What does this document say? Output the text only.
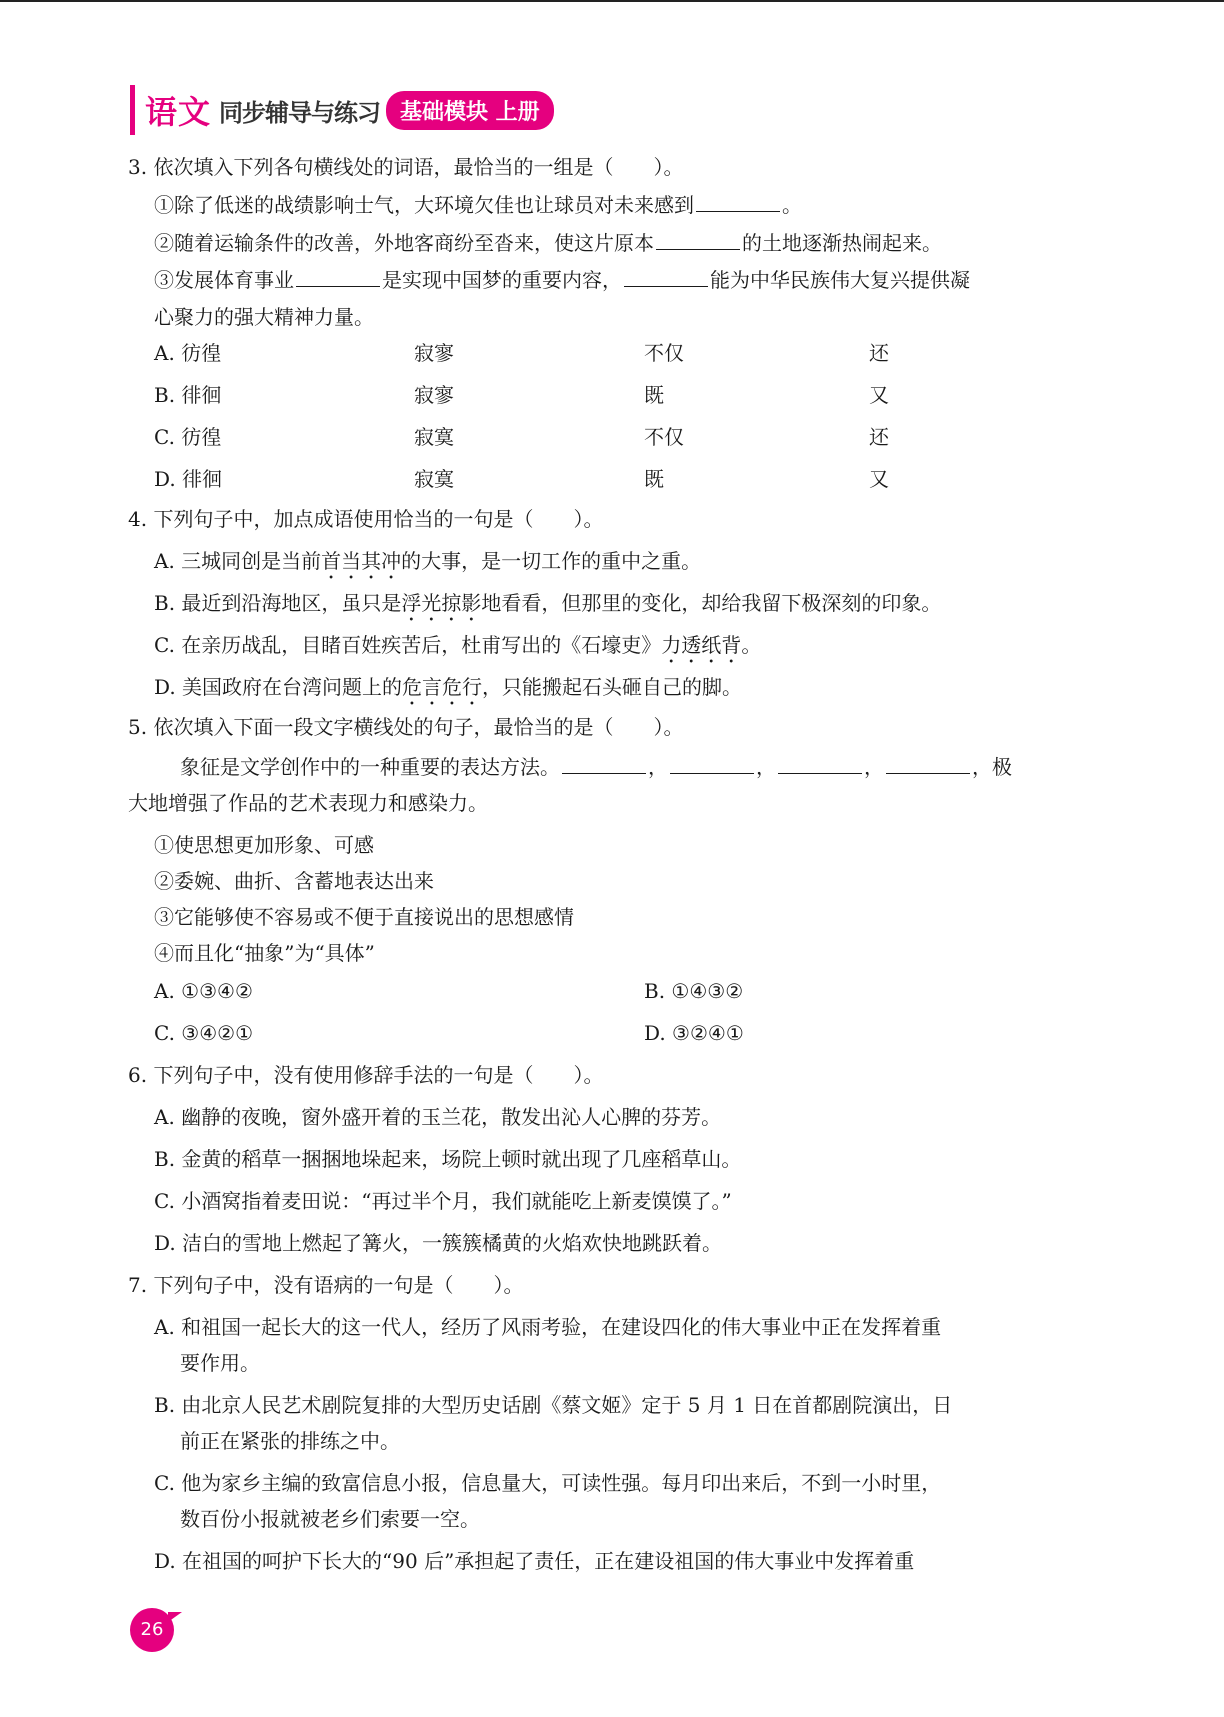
语文 同步辅导与练习 基础模块 上册
3. 依次填入下列各句横线处的词语，最恰当的一组是（　　）。
①除了低迷的战绩影响士气，大环境欠佳也让球员对未来感到	。
②随着运输条件的改善，外地客商纷至沓来，使这片原本	的土地逐渐热闹起来。
③发展体育事业	是实现中国梦的重要内容，	能为中华民族伟大复兴提供凝
心聚力的强大精神力量。
A. 彷徨	寂寥	不仅	还
B. 徘徊	寂寥	既	又
C. 彷徨	寂寞	不仅	还
D. 徘徊	寂寞	既	又
4. 下列句子中，加点成语使用恰当的一句是（　　）。
A. 三城同创是当前首当其冲的大事，是一切工作的重中之重。
B. 最近到沿海地区，虽只是浮光掠影地看看，但那里的变化，却给我留下极深刻的印象。
C. 在亲历战乱，目睹百姓疾苦后，杜甫写出的《石壕吏》力透纸背。
D. 美国政府在台湾问题上的危言危行，只能搬起石头砸自己的脚。
5. 依次填入下面一段文字横线处的句子，最恰当的是（　　）。
象征是文学创作中的一种重要的表达方法。	，	，	，	，极
大地增强了作品的艺术表现力和感染力。
①使思想更加形象、可感
②委婉、曲折、含蓄地表达出来
③它能够使不容易或不便于直接说出的思想感情
④而且化“抽象”为“具体”
A. ①③④②	B. ①④③②
C. ③④②①	D. ③②④①
6. 下列句子中，没有使用修辞手法的一句是（　　）。
A. 幽静的夜晚，窗外盛开着的玉兰花，散发出沁人心脾的芬芳。
B. 金黄的稻草一捆捆地垛起来，场院上顿时就出现了几座稻草山。
C. 小酒窝指着麦田说：“再过半个月，我们就能吃上新麦馍馍了。”
D. 洁白的雪地上燃起了篝火，一簇簇橘黄的火焰欢快地跳跃着。
7. 下列句子中，没有语病的一句是（　　）。
A. 和祖国一起长大的这一代人，经历了风雨考验，在建设四化的伟大事业中正在发挥着重
要作用。
B. 由北京人民艺术剧院复排的大型历史话剧《蔡文姬》定于 5 月 1 日在首都剧院演出，日
前正在紧张的排练之中。
C. 他为家乡主编的致富信息小报，信息量大，可读性强。每月印出来后，不到一小时里，
数百份小报就被老乡们索要一空。
D. 在祖国的呵护下长大的“90 后”承担起了责任，正在建设祖国的伟大事业中发挥着重
26
